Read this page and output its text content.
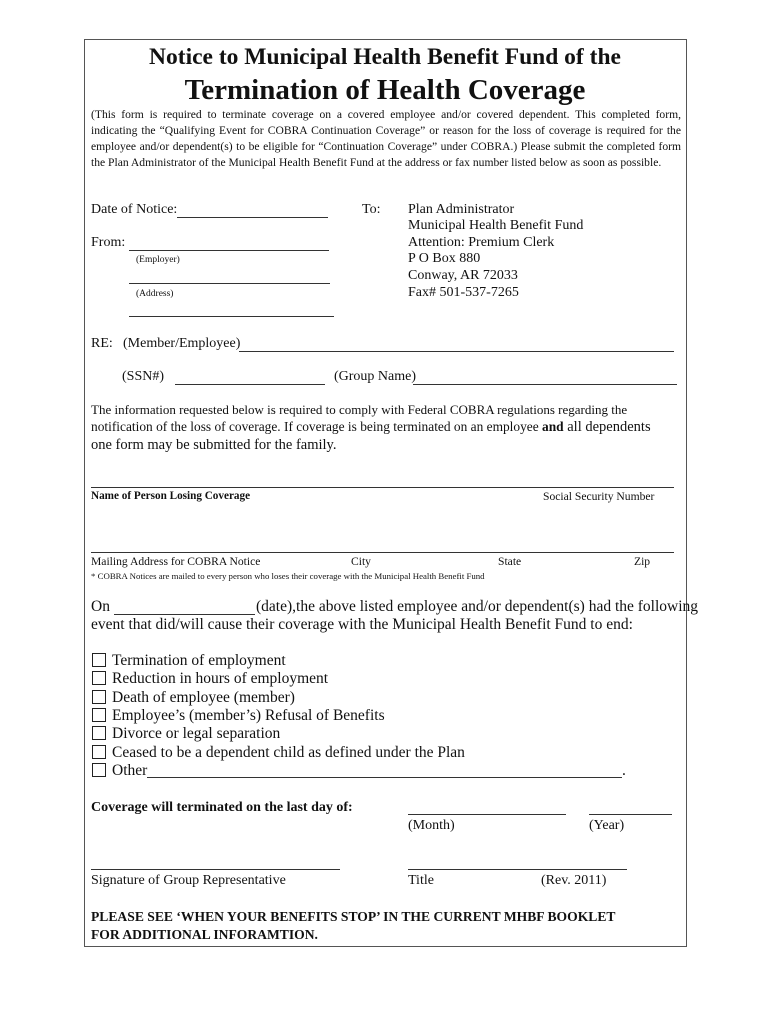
Notice to Municipal Health Benefit Fund of the
Termination of Health Coverage
(This form is required to terminate coverage on a covered employee and/or covered dependent. This completed form, indicating the “Qualifying Event for COBRA Continuation Coverage” or reason for the loss of coverage is required for the employee and/or dependent(s) to be eligible for “Continuation Coverage” under COBRA.) Please submit the completed form the Plan Administrator of the Municipal Health Benefit Fund at the address or fax number listed below as soon as possible.
Date of Notice:
From:
(Employer)
(Address)
To: Plan Administrator
Municipal Health Benefit Fund
Attention: Premium Clerk
P O Box 880
Conway, AR 72033
Fax# 501-537-7265
RE: (Member/Employee)
(SSN#)	(Group Name)
The information requested below is required to comply with Federal COBRA regulations regarding the
notification of the loss of coverage. If coverage is being terminated on an employee and all dependents
one form may be submitted for the family.
Name of Person Losing Coverage	Social Security Number
Mailing Address for COBRA Notice	City	State	Zip
* COBRA Notices are mailed to every person who loses their coverage with the Municipal Health Benefit Fund
On	(date),the above listed employee and/or dependent(s) had the following
event that did/will cause their coverage with the Municipal Health Benefit Fund to end:
Termination of employment
Reduction in hours of employment
Death of employee (member)
Employee’s (member’s) Refusal of Benefits
Divorce or legal separation
Ceased to be a dependent child as defined under the Plan
Other	.
Coverage will terminated on the last day of:
(Month)	(Year)
Signature of Group Representative	Title	(Rev. 2011)
PLEASE SEE ‘WHEN YOUR BENEFITS STOP’ IN THE CURRENT MHBF BOOKLET
FOR ADDITIONAL INFORAMTION.
